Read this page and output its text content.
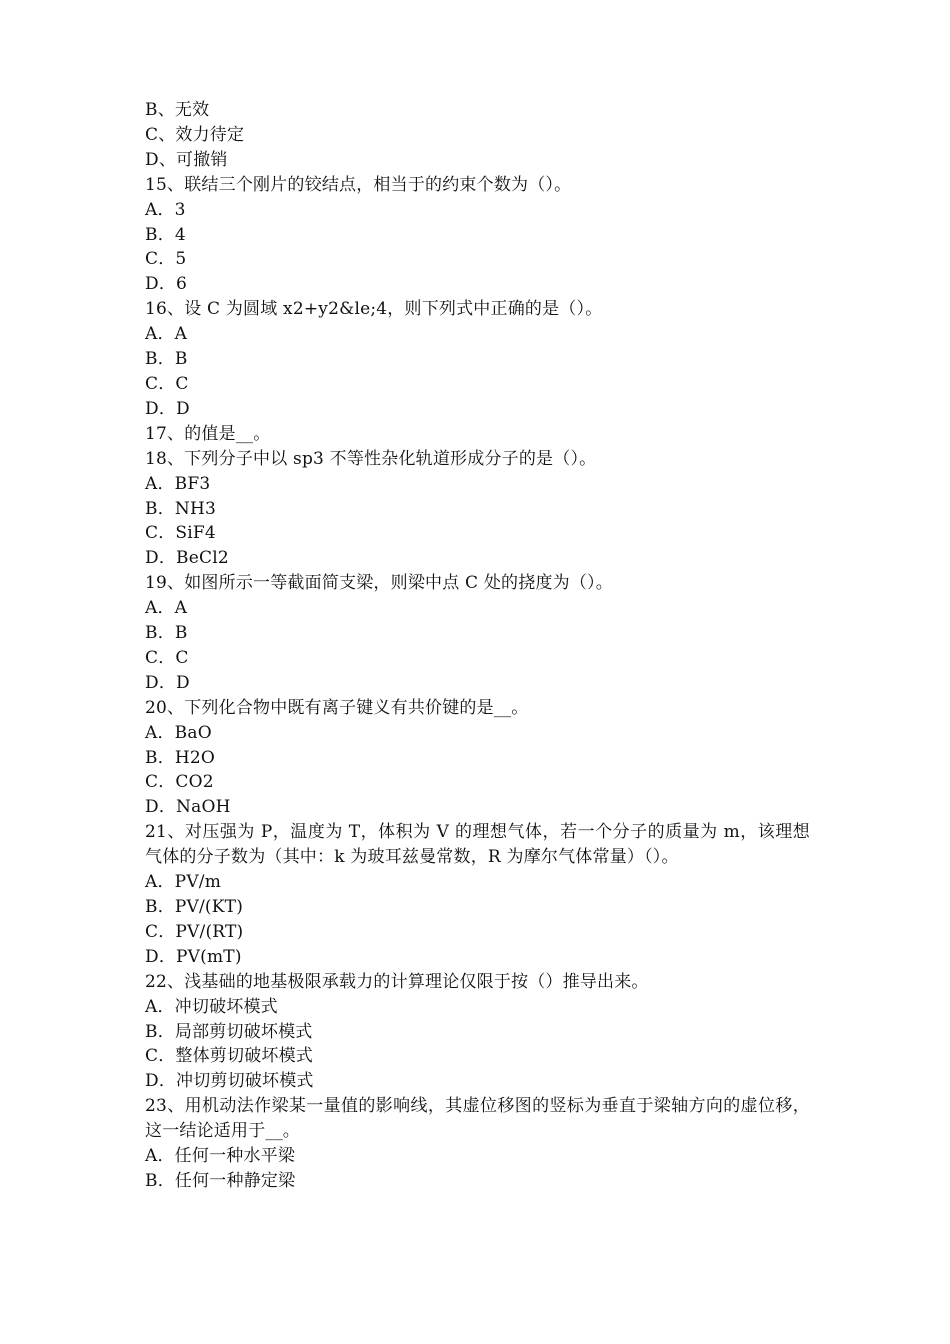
B、无效
C、效力待定
D、可撤销
15、联结三个刚片的铰结点，相当于的约束个数为（）。
A．3
B．4
C．5
D．6
16、设 C 为圆域 x2+y2&le;4，则下列式中正确的是（）。
A．A
B．B
C．C
D．D
17、的值是__。
18、下列分子中以 sp3 不等性杂化轨道形成分子的是（）。
A．BF3
B．NH3
C．SiF4
D．BeCl2
19、如图所示一等截面简支梁，则梁中点 C 处的挠度为（）。
A．A
B．B
C．C
D．D
20、下列化合物中既有离子键义有共价键的是__。
A．BaO
B．H2O
C．CO2
D．NaOH
21、对压强为 P，温度为 T，体积为 V 的理想气体，若一个分子的质量为 m，该理想气体的分子数为（其中：k 为玻耳兹曼常数，R 为摩尔气体常量）（）。
A．PV/m
B．PV/(KT)
C．PV/(RT)
D．PV(mT)
22、浅基础的地基极限承载力的计算理论仅限于按（）推导出来。
A．冲切破坏模式
B．局部剪切破坏模式
C．整体剪切破坏模式
D．冲切剪切破坏模式
23、用机动法作梁某一量值的影响线，其虚位移图的竖标为垂直于梁轴方向的虚位移，这一结论适用于__。
A．任何一种水平梁
B．任何一种静定梁
